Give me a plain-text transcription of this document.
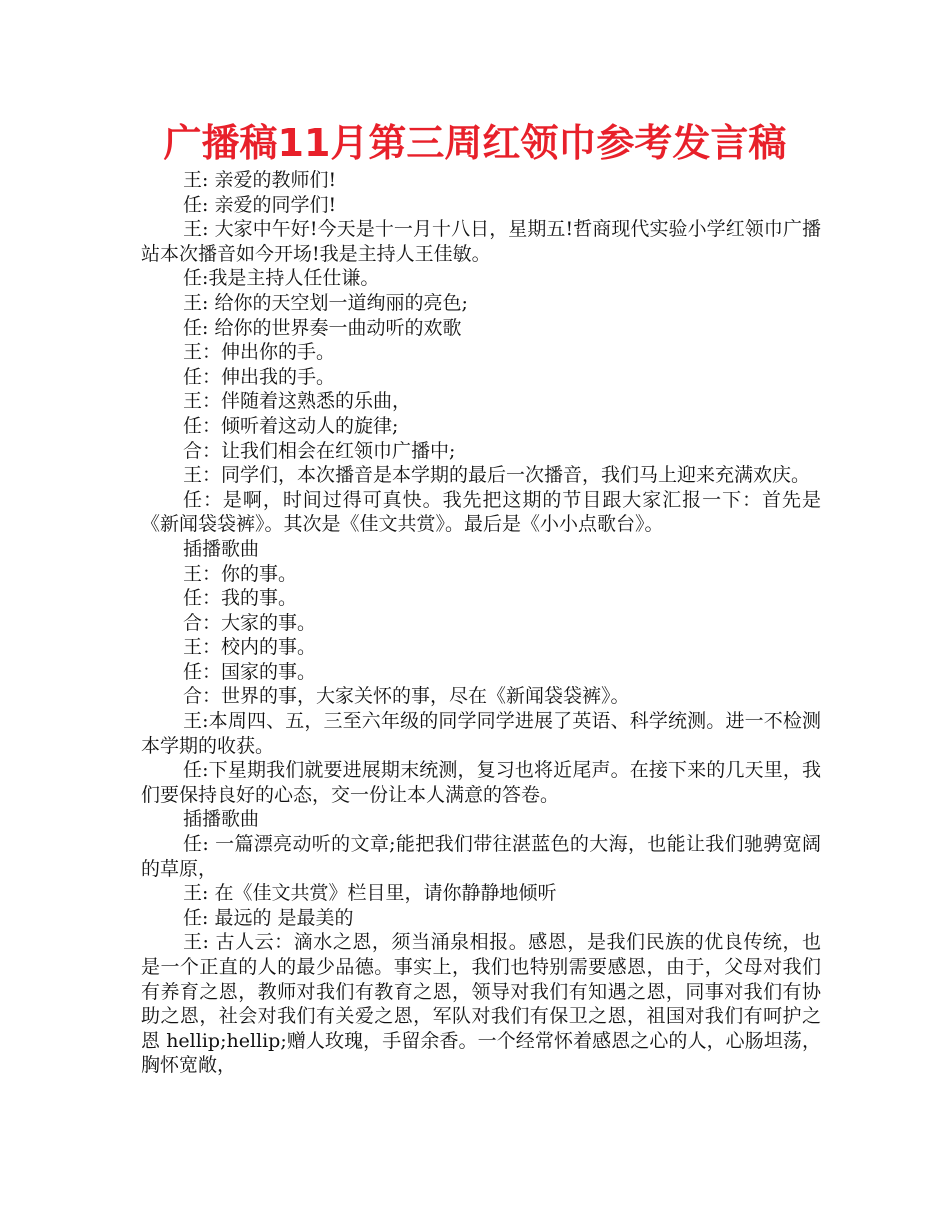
广播稿11月第三周红领巾参考发言稿

王: 亲爱的教师们!

任: 亲爱的同学们!

王: 大家中午好!今天是十一月十八日，星期五!哲商现代实验小学红领巾广播站本次播音如今开场!我是主持人王佳敏。

任:我是主持人任仕谦。

王: 给你的天空划一道绚丽的亮色;

任: 给你的世界奏一曲动听的欢歌

王：伸出你的手。

任：伸出我的手。

王：伴随着这熟悉的乐曲，

任：倾听着这动人的旋律;

合：让我们相会在红领巾广播中;

王：同学们，本次播音是本学期的最后一次播音，我们马上迎来充满欢庆。

任：是啊，时间过得可真快。我先把这期的节目跟大家汇报一下：首先是《新闻袋袋裤》。其次是《佳文共赏》。最后是《小小点歌台》。

插播歌曲

王：你的事。

任：我的事。

合：大家的事。

王：校内的事。

任：国家的事。

合：世界的事，大家关怀的事，尽在《新闻袋袋裤》。

王:本周四、五，三至六年级的同学同学进展了英语、科学统测。进一不检测本学期的收获。

任:下星期我们就要进展期末统测，复习也将近尾声。在接下来的几天里，我们要保持良好的心态，交一份让本人满意的答卷。

插播歌曲

任: 一篇漂亮动听的文章;能把我们带往湛蓝色的大海，也能让我们驰骋宽阔的草原，

王: 在《佳文共赏》栏目里，请你静静地倾听

任: 最远的 是最美的

王: 古人云：滴水之恩，须当涌泉相报。感恩，是我们民族的优良传统，也是一个正直的人的最少品德。事实上，我们也特别需要感恩，由于，父母对我们有养育之恩，教师对我们有教育之恩，领导对我们有知遇之恩，同事对我们有协助之恩，社会对我们有关爱之恩，军队对我们有保卫之恩，祖国对我们有呵护之恩 hellip;hellip;赠人玫瑰，手留余香。一个经常怀着感恩之心的人，心肠坦荡，胸怀宽敞，
